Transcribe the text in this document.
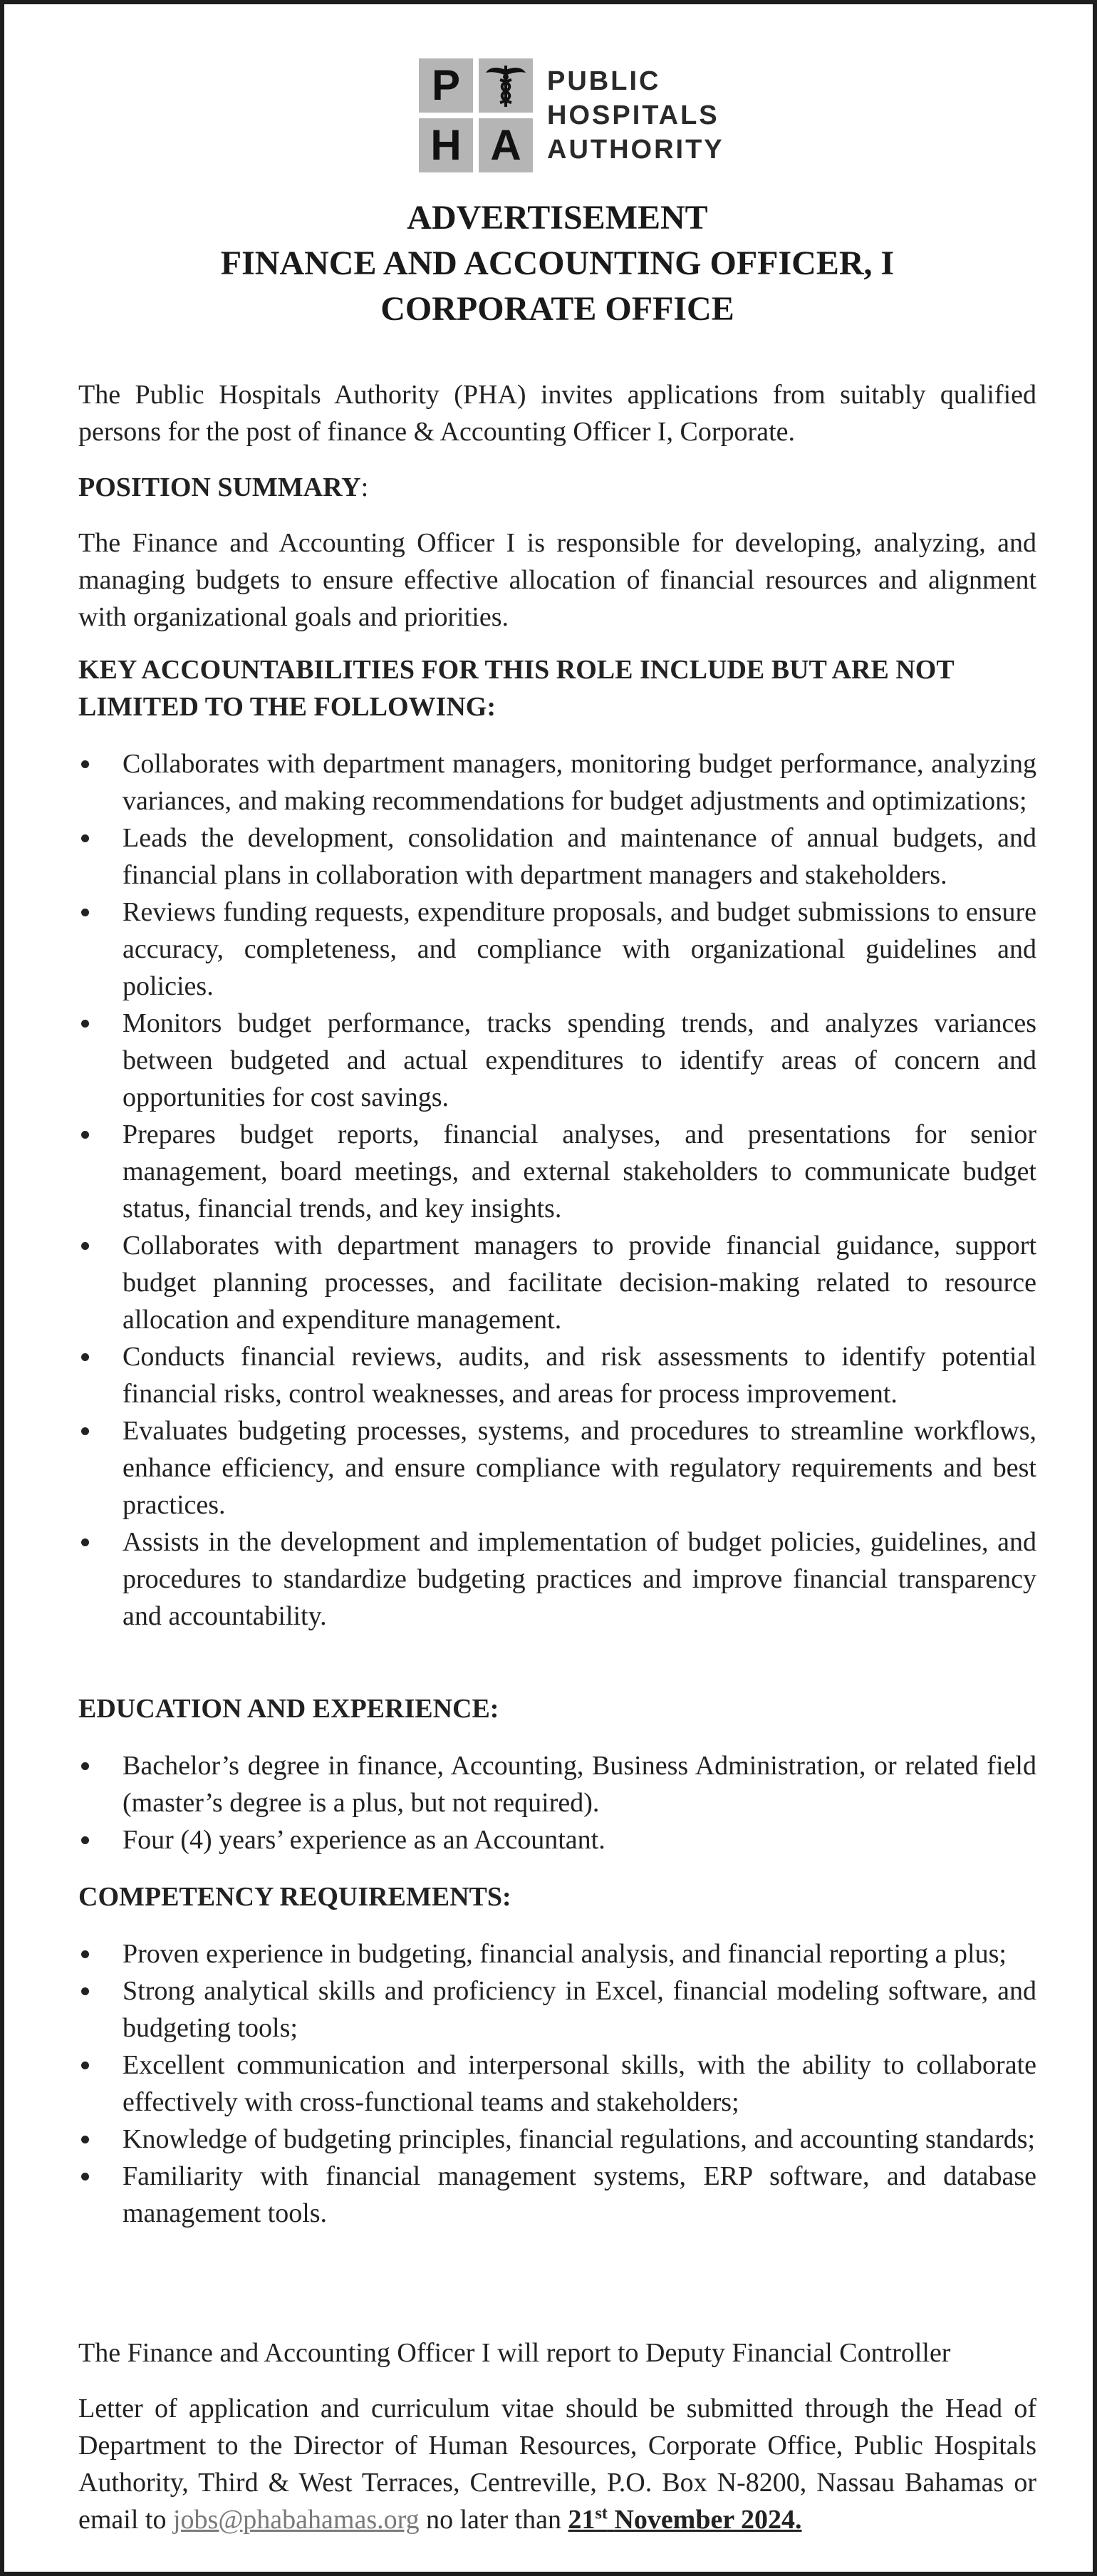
P
H A
PUBLIC
HOSPITALS
AUTHORITY
ADVERTISEMENT
FINANCE AND ACCOUNTING OFFICER, I
CORPORATE OFFICE
The Public Hospitals Authority (PHA) invites applications from suitably qualified persons for the post of finance & Accounting Officer I, Corporate.
POSITION SUMMARY:
The Finance and Accounting Officer I is responsible for developing, analyzing, and managing budgets to ensure effective allocation of financial resources and alignment with organizational goals and priorities.
KEY ACCOUNTABILITIES FOR THIS ROLE INCLUDE BUT ARE NOT LIMITED TO THE FOLLOWING:
Collaborates with department managers, monitoring budget performance, analyzing variances, and making recommendations for budget adjustments and optimizations;
Leads the development, consolidation and maintenance of annual budgets, and financial plans in collaboration with department managers and stakeholders.
Reviews funding requests, expenditure proposals, and budget submissions to ensure accuracy, completeness, and compliance with organizational guidelines and policies.
Monitors budget performance, tracks spending trends, and analyzes variances between budgeted and actual expenditures to identify areas of concern and opportunities for cost savings.
Prepares budget reports, financial analyses, and presentations for senior management, board meetings, and external stakeholders to communicate budget status, financial trends, and key insights.
Collaborates with department managers to provide financial guidance, support budget planning processes, and facilitate decision-making related to resource allocation and expenditure management.
Conducts financial reviews, audits, and risk assessments to identify potential financial risks, control weaknesses, and areas for process improvement.
Evaluates budgeting processes, systems, and procedures to streamline workflows, enhance efficiency, and ensure compliance with regulatory requirements and best practices.
Assists in the development and implementation of budget policies, guidelines, and procedures to standardize budgeting practices and improve financial transparency and accountability.
EDUCATION AND EXPERIENCE:
Bachelor’s degree in finance, Accounting, Business Administration, or related field (master’s degree is a plus, but not required).
Four (4) years’ experience as an Accountant.
COMPETENCY REQUIREMENTS:
Proven experience in budgeting, financial analysis, and financial reporting a plus;
Strong analytical skills and proficiency in Excel, financial modeling software, and budgeting tools;
Excellent communication and interpersonal skills, with the ability to collaborate effectively with cross-functional teams and stakeholders;
Knowledge of budgeting principles, financial regulations, and accounting standards;
Familiarity with financial management systems, ERP software, and database management tools.
The Finance and Accounting Officer I will report to Deputy Financial Controller
Letter of application and curriculum vitae should be submitted through the Head of Department to the Director of Human Resources, Corporate Office, Public Hospitals Authority, Third & West Terraces, Centreville, P.O. Box N-8200, Nassau Bahamas or email to jobs@phabahamas.org no later than 21st November 2024.
